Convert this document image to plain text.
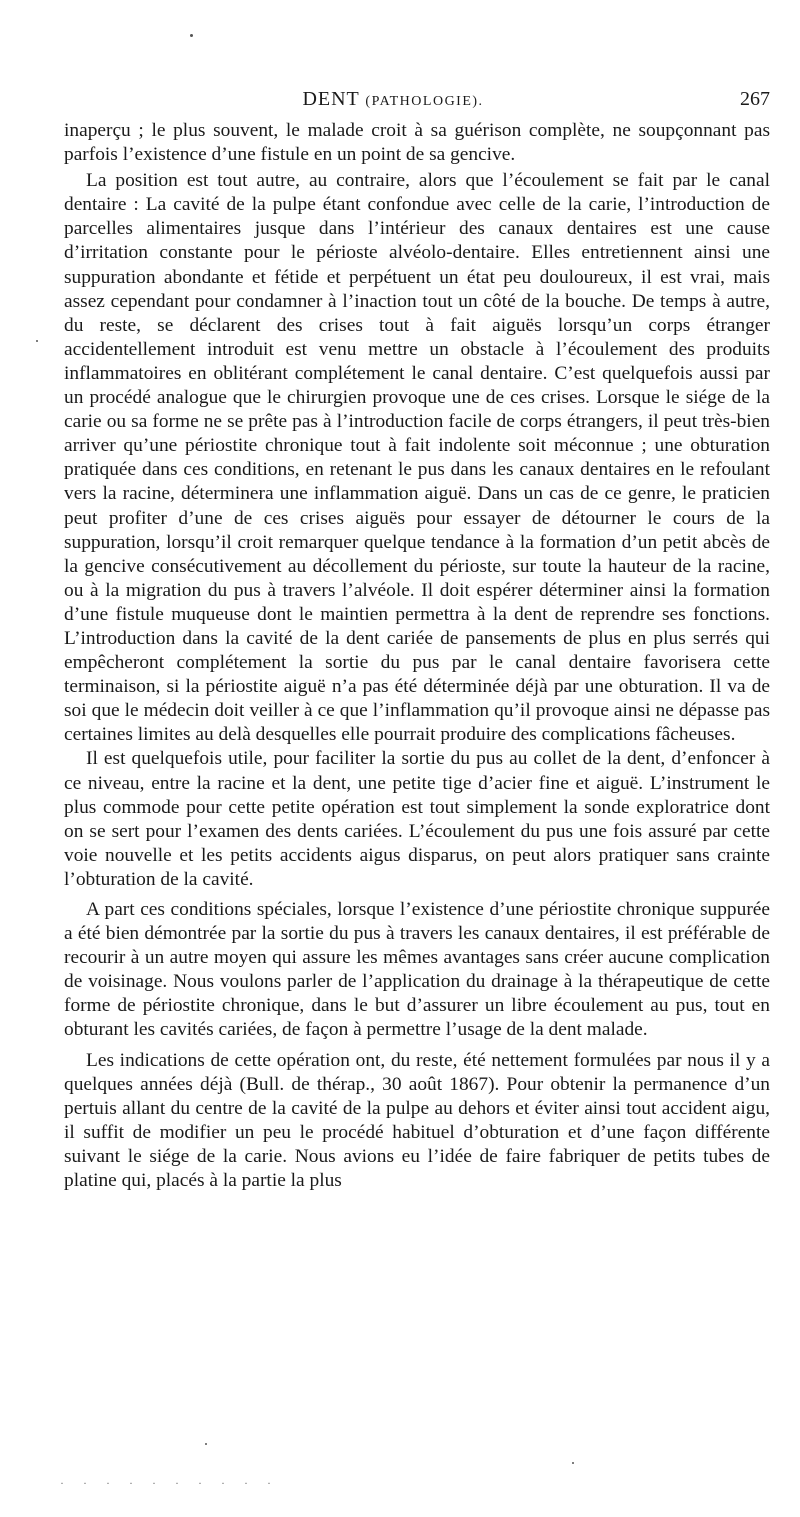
DENT (PATHOLOGIE).	267

inaperçu ; le plus souvent, le malade croit à sa guérison complète, ne soupçonnant pas parfois l’existence d’une fistule en un point de sa gencive.

La position est tout autre, au contraire, alors que l’écoulement se fait par le canal dentaire : La cavité de la pulpe étant confondue avec celle de la carie, l’introduction de parcelles alimentaires jusque dans l’intérieur des canaux dentaires est une cause d’irritation constante pour le périoste alvéolo-dentaire. Elles entretiennent ainsi une suppuration abondante et fétide et perpétuent un état peu douloureux, il est vrai, mais assez cependant pour condamner à l’inaction tout un côté de la bouche. De temps à autre, du reste, se déclarent des crises tout à fait aiguës lorsqu’un corps étranger accidentellement introduit est venu mettre un obstacle à l’écoulement des produits inflammatoires en oblitérant complétement le canal dentaire. C’est quelquefois aussi par un procédé analogue que le chirurgien provoque une de ces crises. Lorsque le siége de la carie ou sa forme ne se prête pas à l’introduction facile de corps étrangers, il peut très-bien arriver qu’une périostite chronique tout à fait indolente soit méconnue ; une obturation pratiquée dans ces conditions, en retenant le pus dans les canaux dentaires en le refoulant vers la racine, déterminera une inflammation aiguë. Dans un cas de ce genre, le praticien peut profiter d’une de ces crises aiguës pour essayer de détourner le cours de la suppuration, lorsqu’il croit remarquer quelque tendance à la formation d’un petit abcès de la gencive consécutivement au décollement du périoste, sur toute la hauteur de la racine, ou à la migration du pus à travers l’alvéole. Il doit espérer déterminer ainsi la formation d’une fistule muqueuse dont le maintien permettra à la dent de reprendre ses fonctions. L’introduction dans la cavité de la dent cariée de pansements de plus en plus serrés qui empêcheront complétement la sortie du pus par le canal dentaire favorisera cette terminaison, si la périostite aiguë n’a pas été déterminée déjà par une obturation. Il va de soi que le médecin doit veiller à ce que l’inflammation qu’il provoque ainsi ne dépasse pas certaines limites au delà desquelles elle pourrait produire des complications fâcheuses.

Il est quelquefois utile, pour faciliter la sortie du pus au collet de la dent, d’enfoncer à ce niveau, entre la racine et la dent, une petite tige d’acier fine et aiguë. L’instrument le plus commode pour cette petite opération est tout simplement la sonde exploratrice dont on se sert pour l’examen des dents cariées. L’écoulement du pus une fois assuré par cette voie nouvelle et les petits accidents aigus disparus, on peut alors pratiquer sans crainte l’obturation de la cavité.

A part ces conditions spéciales, lorsque l’existence d’une périostite chronique suppurée a été bien démontrée par la sortie du pus à travers les canaux dentaires, il est préférable de recourir à un autre moyen qui assure les mêmes avantages sans créer aucune complication de voisinage. Nous voulons parler de l’application du drainage à la thérapeutique de cette forme de périostite chronique, dans le but d’assurer un libre écoulement au pus, tout en obturant les cavités cariées, de façon à permettre l’usage de la dent malade.

Les indications de cette opération ont, du reste, été nettement formulées par nous il y a quelques années déjà (Bull. de thérap., 30 août 1867). Pour obtenir la permanence d’un pertuis allant du centre de la cavité de la pulpe au dehors et éviter ainsi tout accident aigu, il suffit de modifier un peu le procédé habituel d’obturation et d’une façon différente suivant le siége de la carie. Nous avions eu l’idée de faire fabriquer de petits tubes de platine qui, placés à la partie la plus

· · · · · · · · · ·
